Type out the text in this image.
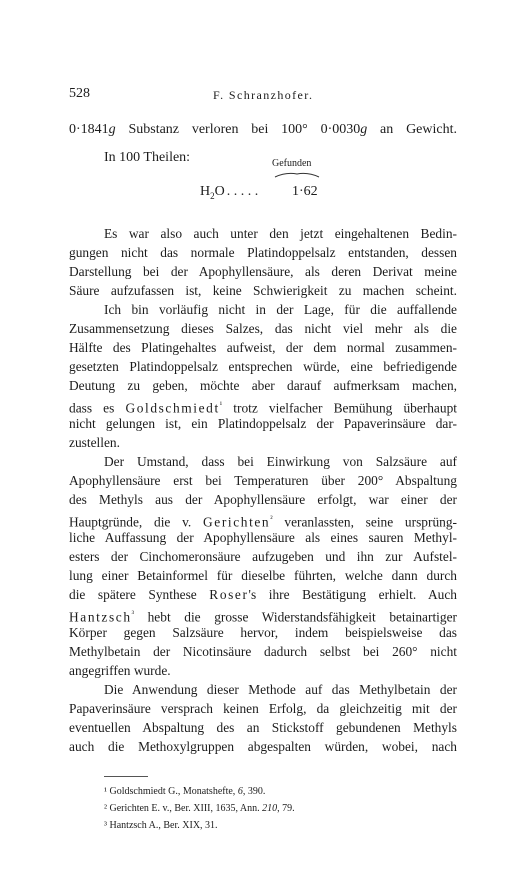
528	F. Schranzhofer.
0·1841g Substanz verloren bei 100° 0·0030g an Gewicht.
In 100 Theilen:	Gefunden
$H_2O$ . . . . . 1·62
Es war also auch unter den jetzt eingehaltenen Bedin-
gungen nicht das normale Platindoppelsalz entstanden, dessen
Darstellung bei der Apophyllensäure, als deren Derivat meine
Säure aufzufassen ist, keine Schwierigkeit zu machen scheint.
Ich bin vorläufig nicht in der Lage, für die auffallende
Zusammensetzung dieses Salzes, das nicht viel mehr als die
Hälfte des Platingehaltes aufweist, der dem normal zusammen-
gesetzten Platindoppelsalz entsprechen würde, eine befriedigende
Deutung zu geben, möchte aber darauf aufmerksam machen,
dass es Goldschmiedt$^{^1}$ trotz vielfacher Bemühung überhaupt
nicht gelungen ist, ein Platindoppelsalz der Papaverinsäure dar-
zustellen.
Der Umstand, dass bei Einwirkung von Salzsäure auf
Apophyllensäure erst bei Temperaturen über 200° Abspaltung
des Methyls aus der Apophyllensäure erfolgt, war einer der
Hauptgründe, die v. Gerichten$^{^2}$ veranlassten, seine ursprüng-
liche Auffassung der Apophyllensäure als eines sauren Methyl-
esters der Cinchomeronsäure aufzugeben und ihn zur Aufstel-
lung einer Betainformel für dieselbe führten, welche dann durch
die spätere Synthese Roser's ihre Bestätigung erhielt. Auch
Hantzsch$^{^3}$ hebt die grosse Widerstandsfähigkeit betainartiger
Körper gegen Salzsäure hervor, indem beispielsweise das
Methylbetain der Nicotinsäure dadurch selbst bei 260° nicht
angegriffen wurde.
Die Anwendung dieser Methode auf das Methylbetain der
Papaverinsäure versprach keinen Erfolg, da gleichzeitig mit der
eventuellen Abspaltung des an Stickstoff gebundenen Methyls
auch die Methoxylgruppen abgespalten würden, wobei, nach
¹ Goldschmiedt G., Monatshefte, 6, 390.
² Gerichten E. v., Ber. XIII, 1635, Ann. 210, 79.
³ Hantzsch A., Ber. XIX, 31.
